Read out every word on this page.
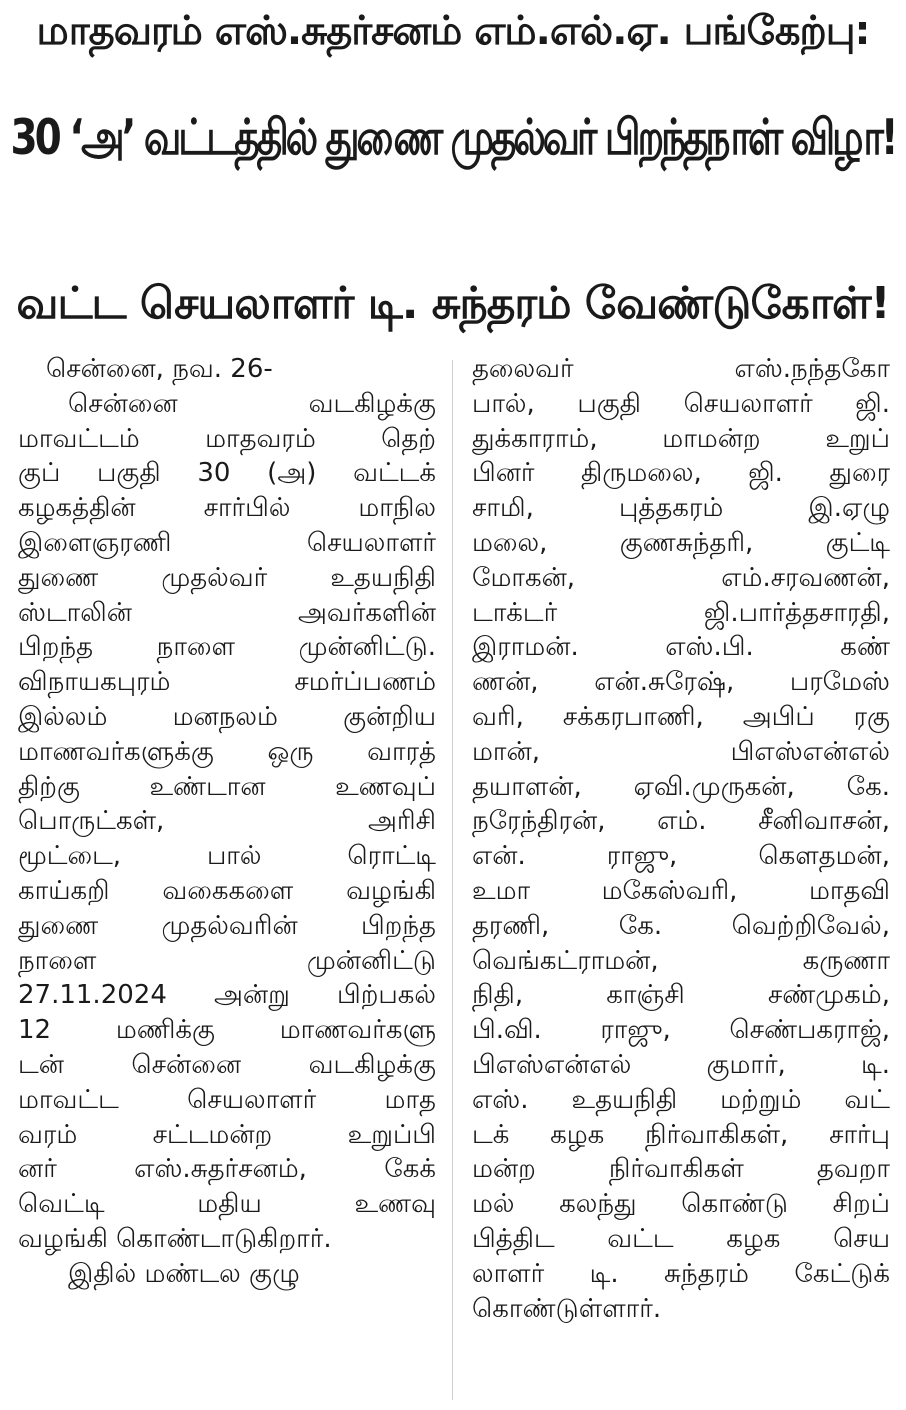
மாதவரம் எஸ்.சுதர்சனம் எம்.எல்.ஏ. பங்கேற்பு:
30 ‘அ’ வட்டத்தில் துணை முதல்வர் பிறந்தநாள் விழா!
வட்ட செயலாளர் டி. சுந்தரம் வேண்டுகோள்!
சென்னை, நவ. 26-
சென்னை வடகிழக்கு
மாவட்டம் மாதவரம் தெற்
குப் பகுதி 30 (அ) வட்டக்
கழகத்தின் சார்பில் மாநில
இளைஞரணி செயலாளர்
துணை முதல்வர் உதயநிதி
ஸ்டாலின் அவர்களின்
பிறந்த நாளை முன்னிட்டு.
விநாயகபுரம் சமர்ப்பணம்
இல்லம் மனநலம் குன்றிய
மாணவர்களுக்கு ஒரு வாரத்
திற்கு உண்டான உணவுப்
பொருட்கள், அரிசி
மூட்டை, பால் ரொட்டி
காய்கறி வகைகளை வழங்கி
துணை முதல்வரின் பிறந்த
நாளை முன்னிட்டு
27.11.2024 அன்று பிற்பகல்
12 மணிக்கு மாணவர்களு
டன் சென்னை வடகிழக்கு
மாவட்ட செயலாளர் மாத
வரம் சட்டமன்ற உறுப்பி
னர் எஸ்.சுதர்சனம், கேக்
வெட்டி மதிய உணவு
வழங்கி கொண்டாடுகிறார்.
இதில் மண்டல குழு
தலைவர் எஸ்.நந்தகோ
பால், பகுதி செயலாளர் ஜி.
துக்காராம், மாமன்ற உறுப்
பினர் திருமலை, ஜி. துரை
சாமி, புத்தகரம் இ.ஏழு
மலை, குணசுந்தரி, குட்டி
மோகன், எம்.சரவணன்,
டாக்டர் ஜி.பார்த்தசாரதி,
இராமன். எஸ்.பி. கண்
ணன், என்.சுரேஷ், பரமேஸ்
வரி, சக்கரபாணி, அபிப் ரகு
மான், பிஎஸ்என்எல்
தயாளன், ஏவி.முருகன், கே.
நரேந்திரன், எம். சீனிவாசன்,
என். ராஜு, கௌதமன்,
உமா மகேஸ்வரி, மாதவி
தரணி, கே. வெற்றிவேல்,
வெங்கட்ராமன், கருணா
நிதி, காஞ்சி சண்முகம்,
பி.வி. ராஜு, செண்பகராஜ்,
பிஎஸ்என்எல் குமார், டி.
எஸ். உதயநிதி மற்றும் வட்
டக் கழக நிர்வாகிகள், சார்பு
மன்ற நிர்வாகிகள் தவறா
மல் கலந்து கொண்டு சிறப்
பித்திட வட்ட கழக செய
லாளர் டி. சுந்தரம் கேட்டுக்
கொண்டுள்ளார்.
